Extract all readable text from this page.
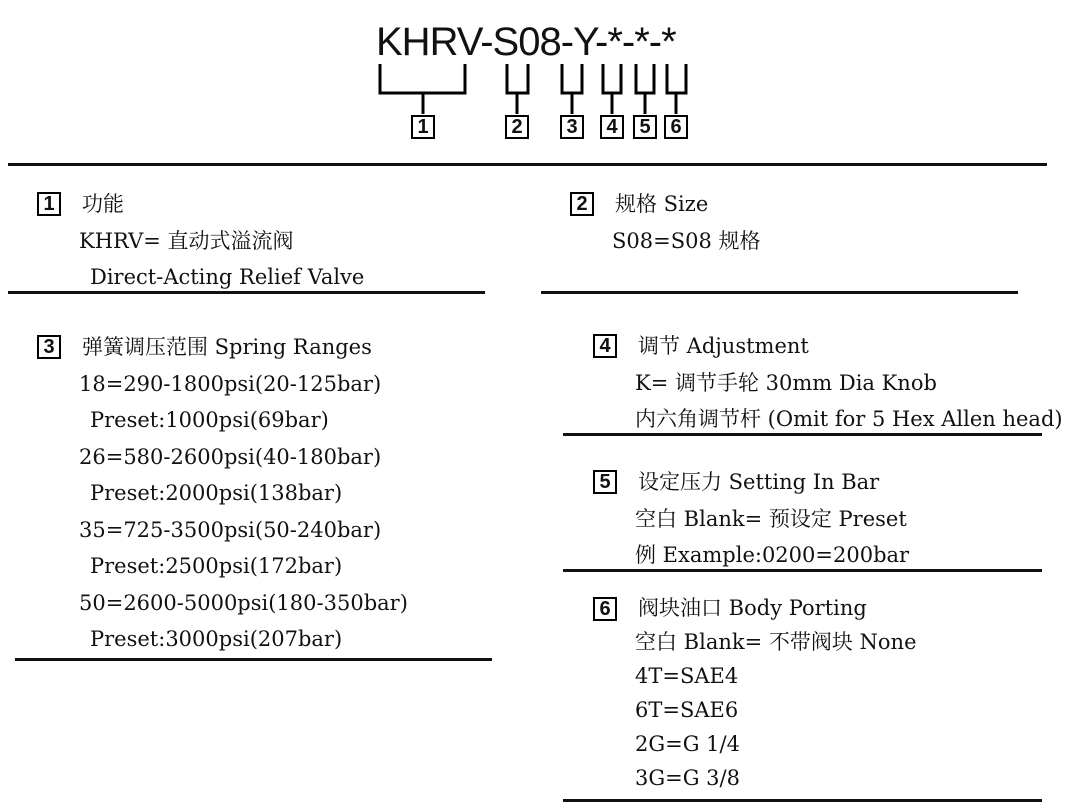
KHRV-S08-Y-*-*-*
1	2	3	4	5 6
1	功能
KHRV= 直动式溢流阀
Direct-Acting Relief Valve
2	规格 Size
S08=S08 规格
3	弹簧调压范围 Spring Ranges
18=290-1800psi(20-125bar)
Preset:1000psi(69bar)
26=580-2600psi(40-180bar)
Preset:2000psi(138bar)
35=725-3500psi(50-240bar)
Preset:2500psi(172bar)
50=2600-5000psi(180-350bar)
Preset:3000psi(207bar)
4	调节 Adjustment
K= 调节手轮 30mm Dia Knob
内六角调节杆 (Omit for 5 Hex Allen head)
5	设定压力 Setting In Bar
空白 Blank= 预设定 Preset
例 Example:0200=200bar
6	阀块油口 Body Porting
空白 Blank= 不带阀块 None
4T=SAE4
6T=SAE6
2G=G 1/4
3G=G 3/8
